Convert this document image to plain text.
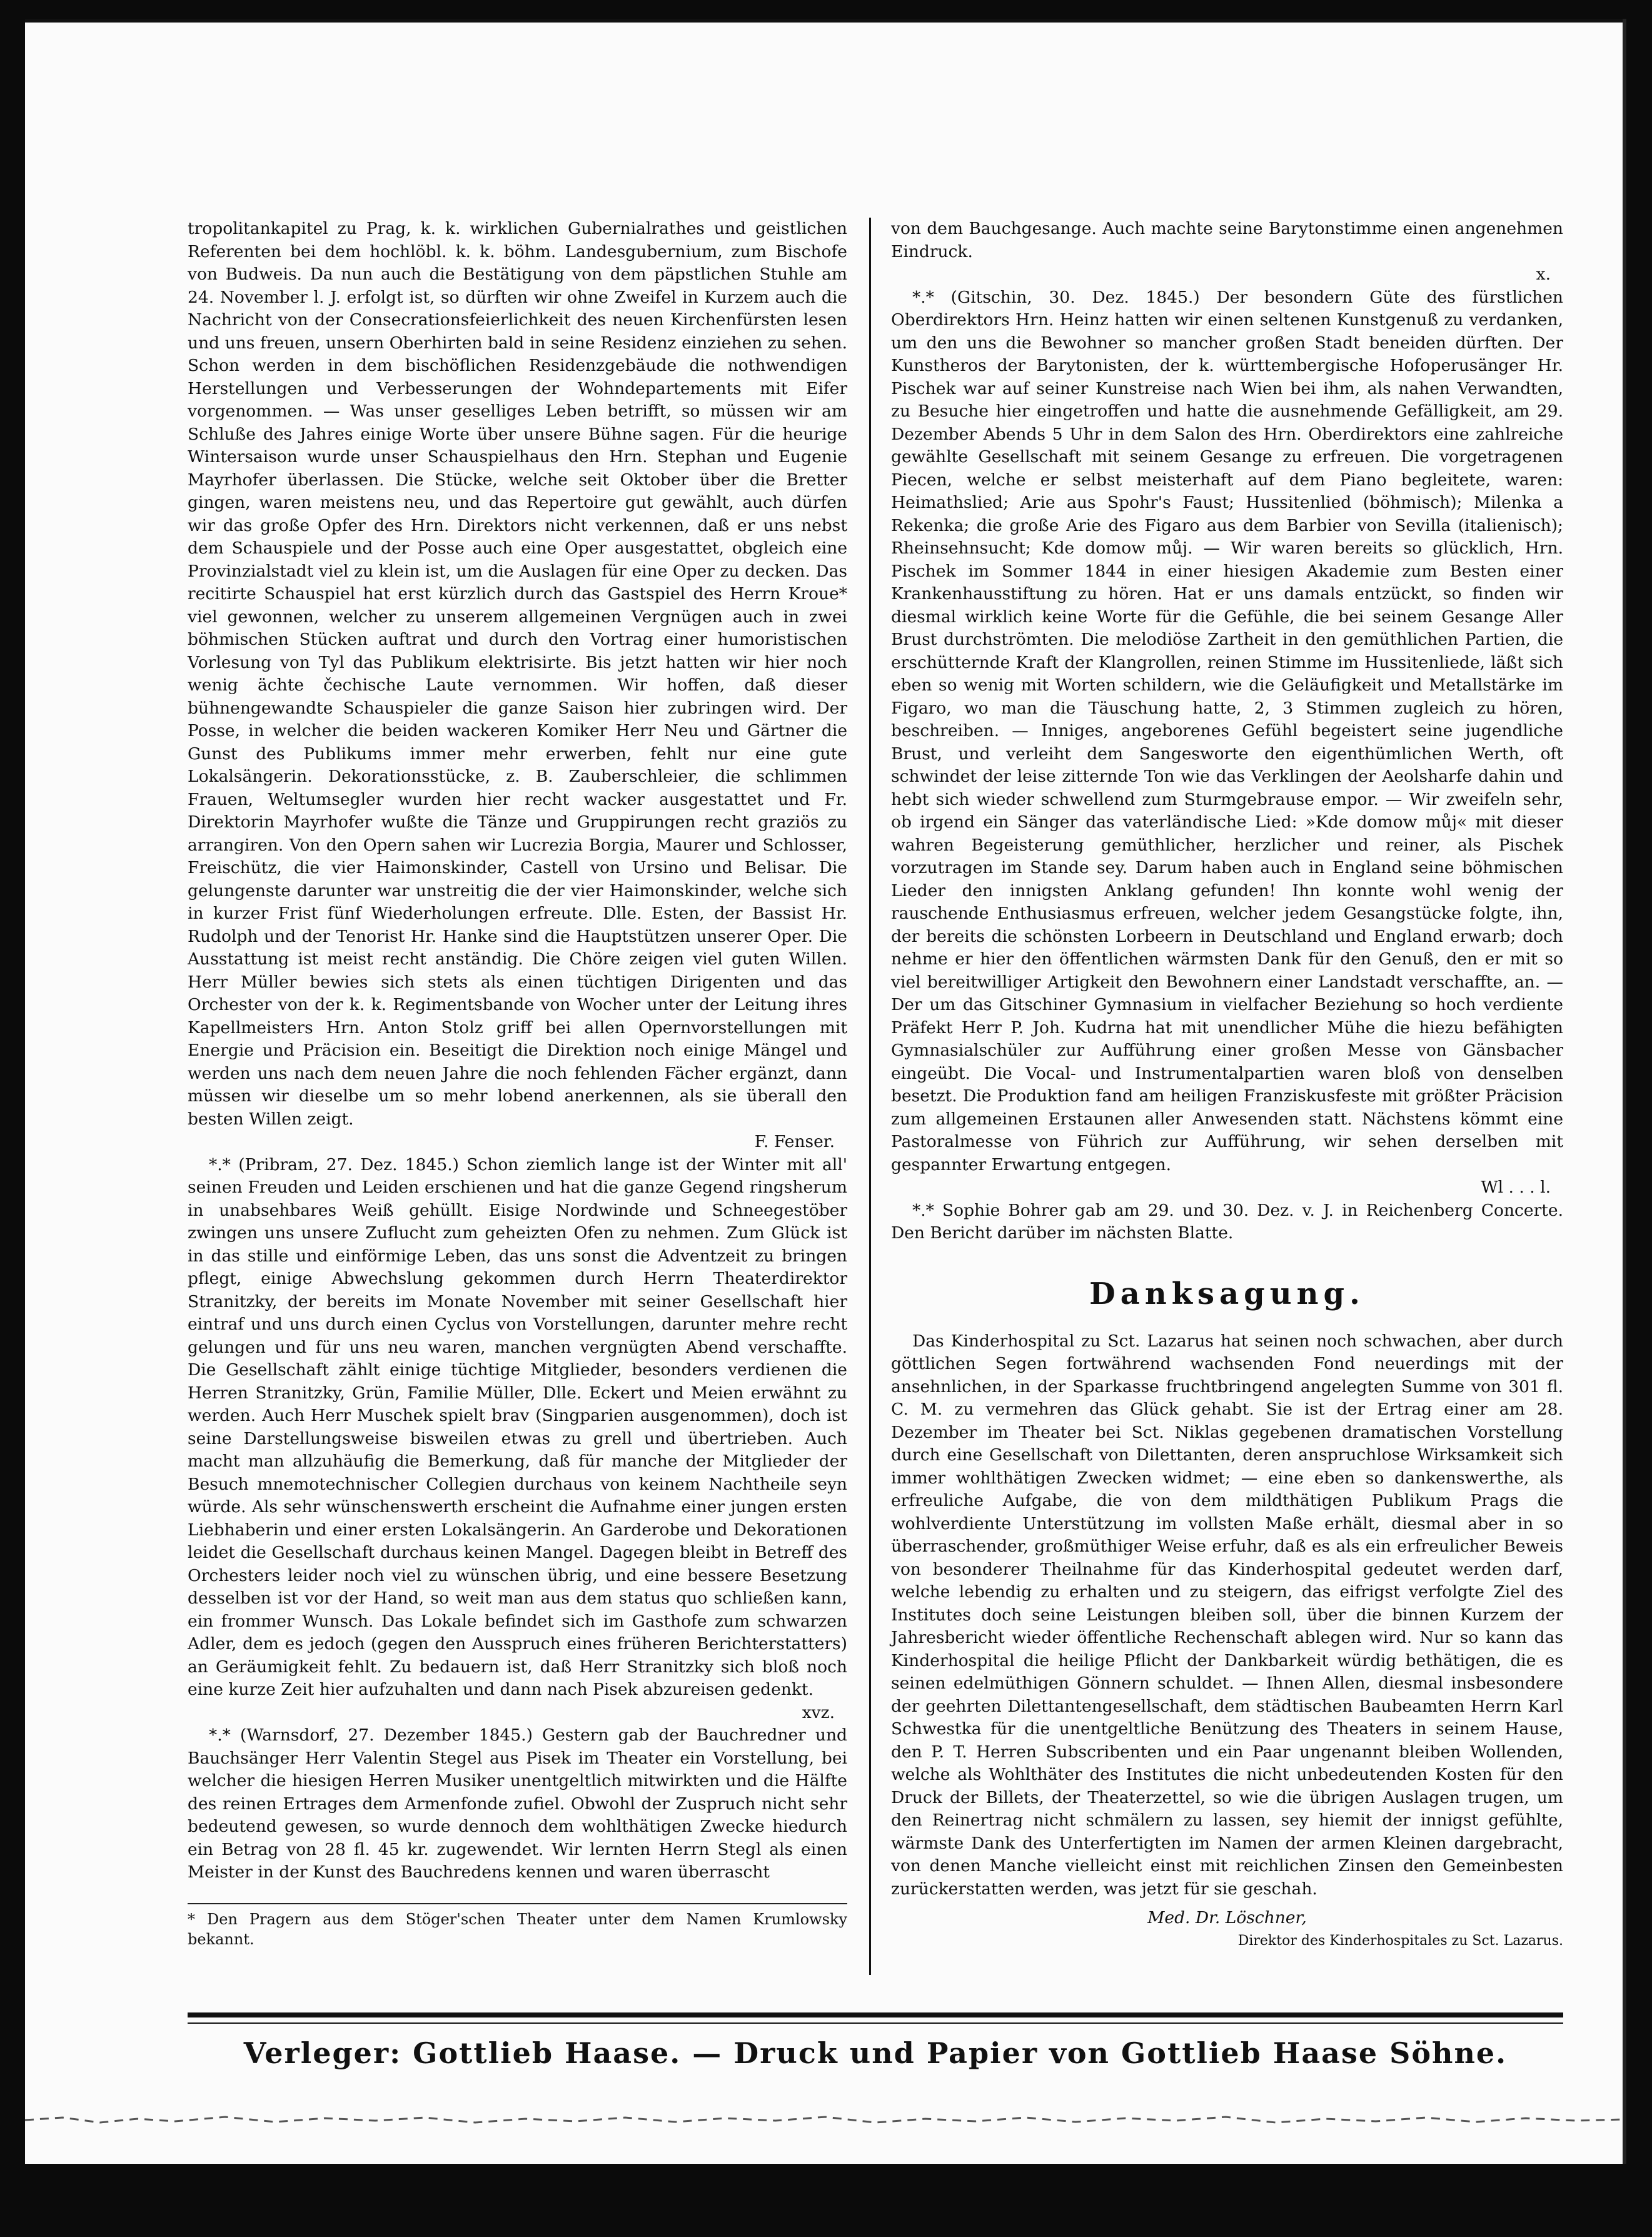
tropolitankapitel zu Prag, k. k. wirklichen Gubernialrathes und geistlichen Referenten bei dem hochlöbl. k. k. böhm. Landesgubernium, zum Bischofe von Budweis. Da nun auch die Bestätigung von dem päpstlichen Stuhle am 24. November l. J. erfolgt ist, so dürften wir ohne Zweifel in Kurzem auch die Nachricht von der Consecrationsfeierlichkeit des neuen Kirchenfürsten lesen und uns freuen, unsern Oberhirten bald in seine Residenz einziehen zu sehen. Schon werden in dem bischöflichen Residenzgebäude die nothwendigen Herstellungen und Verbesserungen der Wohndepartements mit Eifer vorgenommen. — Was unser geselliges Leben betrifft, so müssen wir am Schluße des Jahres einige Worte über unsere Bühne sagen. Für die heurige Wintersaison wurde unser Schauspielhaus den Hrn. Stephan und Eugenie Mayrhofer überlassen. Die Stücke, welche seit Oktober über die Bretter gingen, waren meistens neu, und das Repertoire gut gewählt, auch dürfen wir das große Opfer des Hrn. Direktors nicht verkennen, daß er uns nebst dem Schauspiele und der Posse auch eine Oper ausgestattet, obgleich eine Provinzialstadt viel zu klein ist, um die Auslagen für eine Oper zu decken. Das recitirte Schauspiel hat erst kürzlich durch das Gastspiel des Herrn Kroue* viel gewonnen, welcher zu unserem allgemeinen Vergnügen auch in zwei böhmischen Stücken auftrat und durch den Vortrag einer humoristischen Vorlesung von Tyl das Publikum elektrisirte. Bis jetzt hatten wir hier noch wenig ächte čechische Laute vernommen. Wir hoffen, daß dieser bühnengewandte Schauspieler die ganze Saison hier zubringen wird. Der Posse, in welcher die beiden wackeren Komiker Herr Neu und Gärtner die Gunst des Publikums immer mehr erwerben, fehlt nur eine gute Lokalsängerin. Dekorationsstücke, z. B. Zauberschleier, die schlimmen Frauen, Weltumsegler wurden hier recht wacker ausgestattet und Fr. Direktorin Mayrhofer wußte die Tänze und Gruppirungen recht graziös zu arrangiren. Von den Opern sahen wir Lucrezia Borgia, Maurer und Schlosser, Freischütz, die vier Haimonskinder, Castell von Ursino und Belisar. Die gelungenste darunter war unstreitig die der vier Haimonskinder, welche sich in kurzer Frist fünf Wiederholungen erfreute. Dlle. Esten, der Bassist Hr. Rudolph und der Tenorist Hr. Hanke sind die Hauptstützen unserer Oper. Die Ausstattung ist meist recht anständig. Die Chöre zeigen viel guten Willen. Herr Müller bewies sich stets als einen tüchtigen Dirigenten und das Orchester von der k. k. Regimentsbande von Wocher unter der Leitung ihres Kapellmeisters Hrn. Anton Stolz griff bei allen Opernvorstellungen mit Energie und Präcision ein. Beseitigt die Direktion noch einige Mängel und werden uns nach dem neuen Jahre die noch fehlenden Fächer ergänzt, dann müssen wir dieselbe um so mehr lobend anerkennen, als sie überall den besten Willen zeigt.

F. Fenser.

*.* (Pribram, 27. Dez. 1845.) Schon ziemlich lange ist der Winter mit all' seinen Freuden und Leiden erschienen und hat die ganze Gegend ringsherum in unabsehbares Weiß gehüllt. Eisige Nordwinde und Schneegestöber zwingen uns unsere Zuflucht zum geheizten Ofen zu nehmen. Zum Glück ist in das stille und einförmige Leben, das uns sonst die Adventzeit zu bringen pflegt, einige Abwechslung gekommen durch Herrn Theaterdirektor Stranitzky, der bereits im Monate November mit seiner Gesellschaft hier eintraf und uns durch einen Cyclus von Vorstellungen, darunter mehre recht gelungen und für uns neu waren, manchen vergnügten Abend verschaffte. Die Gesellschaft zählt einige tüchtige Mitglieder, besonders verdienen die Herren Stranitzky, Grün, Familie Müller, Dlle. Eckert und Meien erwähnt zu werden. Auch Herr Muschek spielt brav (Singparien ausgenommen), doch ist seine Darstellungsweise bisweilen etwas zu grell und übertrieben. Auch macht man allzuhäufig die Bemerkung, daß für manche der Mitglieder der Besuch mnemotechnischer Collegien durchaus von keinem Nachtheile seyn würde. Als sehr wünschenswerth erscheint die Aufnahme einer jungen ersten Liebhaberin und einer ersten Lokalsängerin. An Garderobe und Dekorationen leidet die Gesellschaft durchaus keinen Mangel. Dagegen bleibt in Betreff des Orchesters leider noch viel zu wünschen übrig, und eine bessere Besetzung desselben ist vor der Hand, so weit man aus dem status quo schließen kann, ein frommer Wunsch. Das Lokale befindet sich im Gasthofe zum schwarzen Adler, dem es jedoch (gegen den Ausspruch eines früheren Berichterstatters) an Geräumigkeit fehlt. Zu bedauern ist, daß Herr Stranitzky sich bloß noch eine kurze Zeit hier aufzuhalten und dann nach Pisek abzureisen gedenkt.

xvz.

*.* (Warnsdorf, 27. Dezember 1845.) Gestern gab der Bauchredner und Bauchsänger Herr Valentin Stegel aus Pisek im Theater ein Vorstellung, bei welcher die hiesigen Herren Musiker unentgeltlich mitwirkten und die Hälfte des reinen Ertrages dem Armenfonde zufiel. Obwohl der Zuspruch nicht sehr bedeutend gewesen, so wurde dennoch dem wohlthätigen Zwecke hiedurch ein Betrag von 28 fl. 45 kr. zugewendet. Wir lernten Herrn Stegl als einen Meister in der Kunst des Bauchredens kennen und waren überrascht

* Den Pragern aus dem Stöger'schen Theater unter dem Namen Krumlowsky bekannt.

von dem Bauchgesange. Auch machte seine Barytonstimme einen angenehmen Eindruck.

x.

*.* (Gitschin, 30. Dez. 1845.) Der besondern Güte des fürstlichen Oberdirektors Hrn. Heinz hatten wir einen seltenen Kunstgenuß zu verdanken, um den uns die Bewohner so mancher großen Stadt beneiden dürften. Der Kunstheros der Barytonisten, der k. württembergische Hofoperusänger Hr. Pischek war auf seiner Kunstreise nach Wien bei ihm, als nahen Verwandten, zu Besuche hier eingetroffen und hatte die ausnehmende Gefälligkeit, am 29. Dezember Abends 5 Uhr in dem Salon des Hrn. Oberdirektors eine zahlreiche gewählte Gesellschaft mit seinem Gesange zu erfreuen. Die vorgetragenen Piecen, welche er selbst meisterhaft auf dem Piano begleitete, waren: Heimathslied; Arie aus Spohr's Faust; Hussitenlied (böhmisch); Milenka a Rekenka; die große Arie des Figaro aus dem Barbier von Sevilla (italienisch); Rheinsehnsucht; Kde domow můj. — Wir waren bereits so glücklich, Hrn. Pischek im Sommer 1844 in einer hiesigen Akademie zum Besten einer Krankenhausstiftung zu hören. Hat er uns damals entzückt, so finden wir diesmal wirklich keine Worte für die Gefühle, die bei seinem Gesange Aller Brust durchströmten. Die melodiöse Zartheit in den gemüthlichen Partien, die erschütternde Kraft der Klangrollen, reinen Stimme im Hussitenliede, läßt sich eben so wenig mit Worten schildern, wie die Geläufigkeit und Metallstärke im Figaro, wo man die Täuschung hatte, 2, 3 Stimmen zugleich zu hören, beschreiben. — Inniges, angeborenes Gefühl begeistert seine jugendliche Brust, und verleiht dem Sangesworte den eigenthümlichen Werth, oft schwindet der leise zitternde Ton wie das Verklingen der Aeolsharfe dahin und hebt sich wieder schwellend zum Sturmgebrause empor. — Wir zweifeln sehr, ob irgend ein Sänger das vaterländische Lied: »Kde domow můj« mit dieser wahren Begeisterung gemüthlicher, herzlicher und reiner, als Pischek vorzutragen im Stande sey. Darum haben auch in England seine böhmischen Lieder den innigsten Anklang gefunden! Ihn konnte wohl wenig der rauschende Enthusiasmus erfreuen, welcher jedem Gesangstücke folgte, ihn, der bereits die schönsten Lorbeern in Deutschland und England erwarb; doch nehme er hier den öffentlichen wärmsten Dank für den Genuß, den er mit so viel bereitwilliger Artigkeit den Bewohnern einer Landstadt verschaffte, an. — Der um das Gitschiner Gymnasium in vielfacher Beziehung so hoch verdiente Präfekt Herr P. Joh. Kudrna hat mit unendlicher Mühe die hiezu befähigten Gymnasialschüler zur Aufführung einer großen Messe von Gänsbacher eingeübt. Die Vocal- und Instrumentalpartien waren bloß von denselben besetzt. Die Produktion fand am heiligen Franziskusfeste mit größter Präcision zum allgemeinen Erstaunen aller Anwesenden statt. Nächstens kömmt eine Pastoralmesse von Führich zur Aufführung, wir sehen derselben mit gespannter Erwartung entgegen.

Wl . . . l.

*.* Sophie Bohrer gab am 29. und 30. Dez. v. J. in Reichenberg Concerte. Den Bericht darüber im nächsten Blatte.

Danksagung.

Das Kinderhospital zu Sct. Lazarus hat seinen noch schwachen, aber durch göttlichen Segen fortwährend wachsenden Fond neuerdings mit der ansehnlichen, in der Sparkasse fruchtbringend angelegten Summe von 301 fl. C. M. zu vermehren das Glück gehabt. Sie ist der Ertrag einer am 28. Dezember im Theater bei Sct. Niklas gegebenen dramatischen Vorstellung durch eine Gesellschaft von Dilettanten, deren anspruchlose Wirksamkeit sich immer wohlthätigen Zwecken widmet; — eine eben so dankenswerthe, als erfreuliche Aufgabe, die von dem mildthätigen Publikum Prags die wohlverdiente Unterstützung im vollsten Maße erhält, diesmal aber in so überraschender, großmüthiger Weise erfuhr, daß es als ein erfreulicher Beweis von besonderer Theilnahme für das Kinderhospital gedeutet werden darf, welche lebendig zu erhalten und zu steigern, das eifrigst verfolgte Ziel des Institutes doch seine Leistungen bleiben soll, über die binnen Kurzem der Jahresbericht wieder öffentliche Rechenschaft ablegen wird. Nur so kann das Kinderhospital die heilige Pflicht der Dankbarkeit würdig bethätigen, die es seinen edelmüthigen Gönnern schuldet. — Ihnen Allen, diesmal insbesondere der geehrten Dilettantengesellschaft, dem städtischen Baubeamten Herrn Karl Schwestka für die unentgeltliche Benützung des Theaters in seinem Hause, den P. T. Herren Subscribenten und ein Paar ungenannt bleiben Wollenden, welche als Wohlthäter des Institutes die nicht unbedeutenden Kosten für den Druck der Billets, der Theaterzettel, so wie die übrigen Auslagen trugen, um den Reinertrag nicht schmälern zu lassen, sey hiemit der innigst gefühlte, wärmste Dank des Unterfertigten im Namen der armen Kleinen dargebracht, von denen Manche vielleicht einst mit reichlichen Zinsen den Gemeinbesten zurückerstatten werden, was jetzt für sie geschah.

Med. Dr. Löschner,
Direktor des Kinderhospitales zu Sct. Lazarus.
Verleger: Gottlieb Haase. — Druck und Papier von Gottlieb Haase Söhne.
